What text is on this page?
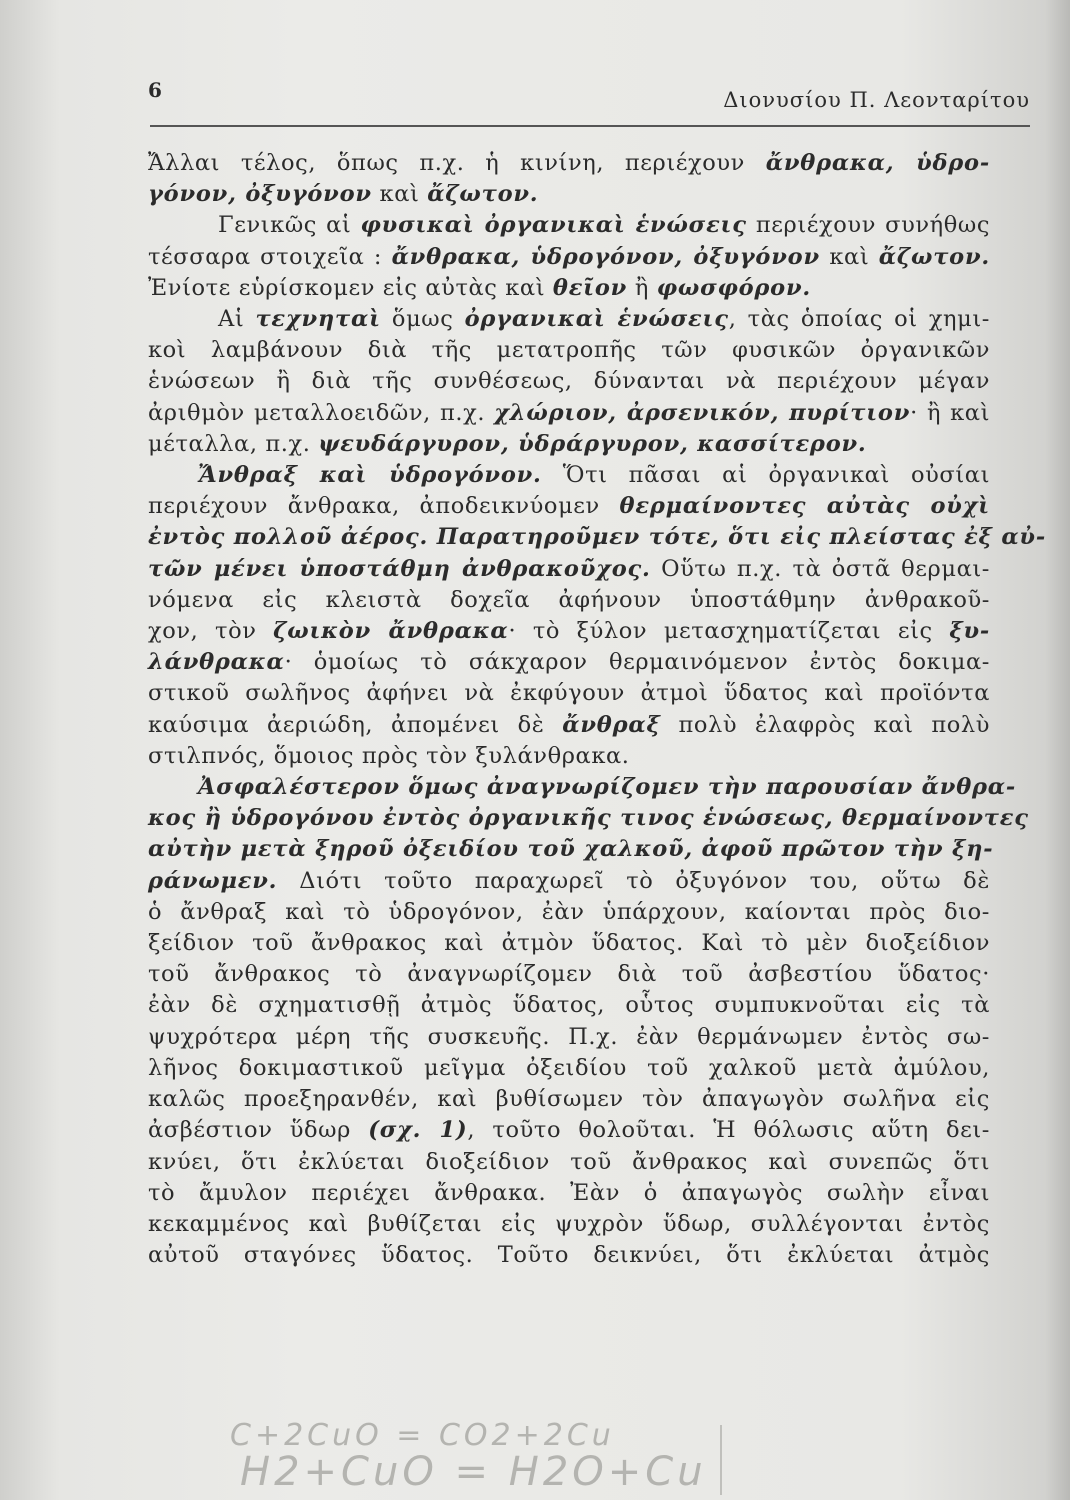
6	Διονυσίου Π. Λεονταρίτου
Ἄλλαι τέλος, ὅπως π.χ. ἡ κινίνη, περιέχουν ἄνθρακα, ὑδρο-
γόνον, ὀξυγόνον καὶ ἄζωτον.
Γενικῶς αἱ φυσικαὶ ὀργανικαὶ ἑνώσεις περιέχουν συνήθως
τέσσαρα στοιχεῖα : ἄνθρακα, ὑδρογόνον, ὀξυγόνον καὶ ἄζωτον.
Ἐνίοτε εὑρίσκομεν εἰς αὐτὰς καὶ θεῖον ἢ φωσφόρον.
Αἱ τεχνηταὶ ὅμως ὀργανικαὶ ἑνώσεις, τὰς ὁποίας οἱ χημι-
κοὶ λαμβάνουν διὰ τῆς μετατροπῆς τῶν φυσικῶν ὀργανικῶν
ἑνώσεων ἢ διὰ τῆς συνθέσεως, δύνανται νὰ περιέχουν μέγαν
ἀριθμὸν μεταλλοειδῶν, π.χ. χλώριον, ἀρσενικόν, πυρίτιον· ἢ καὶ
μέταλλα, π.χ. ψευδάργυρον, ὑδράργυρον, κασσίτερον.
Ἄνθραξ καὶ ὑδρογόνον. Ὅτι πᾶσαι αἱ ὀργανικαὶ οὐσίαι
περιέχουν ἄνθρακα, ἀποδεικνύομεν θερμαίνοντες αὐτὰς οὐχὶ
ἐντὸς πολλοῦ ἀέρος. Παρατηροῦμεν τότε, ὅτι εἰς πλείστας ἐξ αὐ-
τῶν μένει ὑποστάθμη ἀνθρακοῦχος. Οὕτω π.χ. τὰ ὀστᾶ θερμαι-
νόμενα εἰς κλειστὰ δοχεῖα ἀφήνουν ὑποστάθμην ἀνθρακοῦ-
χον, τὸν ζωικὸν ἄνθρακα· τὸ ξύλον μετασχηματίζεται εἰς ξυ-
λάνθρακα· ὁμοίως τὸ σάκχαρον θερμαινόμενον ἐντὸς δοκιμα-
στικοῦ σωλῆνος ἀφήνει νὰ ἐκφύγουν ἀτμοὶ ὕδατος καὶ προϊόντα
καύσιμα ἀεριώδη, ἀπομένει δὲ ἄνθραξ πολὺ ἐλαφρὸς καὶ πολὺ
στιλπνός, ὅμοιος πρὸς τὸν ξυλάνθρακα.
Ἀσφαλέστερον ὅμως ἀναγνωρίζομεν τὴν παρουσίαν ἄνθρα-
κος ἢ ὑδρογόνου ἐντὸς ὀργανικῆς τινος ἑνώσεως, θερμαίνοντες
αὐτὴν μετὰ ξηροῦ ὀξειδίου τοῦ χαλκοῦ, ἀφοῦ πρῶτον τὴν ξη-
ράνωμεν. Διότι τοῦτο παραχωρεῖ τὸ ὀξυγόνον του, οὕτω δὲ
ὁ ἄνθραξ καὶ τὸ ὑδρογόνον, ἐὰν ὑπάρχουν, καίονται πρὸς διο-
ξείδιον τοῦ ἄνθρακος καὶ ἀτμὸν ὕδατος. Καὶ τὸ μὲν διοξείδιον
τοῦ ἄνθρακος τὸ ἀναγνωρίζομεν διὰ τοῦ ἀσβεστίου ὕδατος·
ἐὰν δὲ σχηματισθῇ ἀτμὸς ὕδατος, οὗτος συμπυκνοῦται εἰς τὰ
ψυχρότερα μέρη τῆς συσκευῆς. Π.χ. ἐὰν θερμάνωμεν ἐντὸς σω-
λῆνος δοκιμαστικοῦ μεῖγμα ὀξειδίου τοῦ χαλκοῦ μετὰ ἀμύλου,
καλῶς προεξηρανθέν, καὶ βυθίσωμεν τὸν ἀπαγωγὸν σωλῆνα εἰς
ἀσβέστιον ὕδωρ (σχ. 1), τοῦτο θολοῦται. Ἡ θόλωσις αὕτη δει-
κνύει, ὅτι ἐκλύεται διοξείδιον τοῦ ἄνθρακος καὶ συνεπῶς ὅτι
τὸ ἄμυλον περιέχει ἄνθρακα. Ἐὰν ὁ ἀπαγωγὸς σωλὴν εἶναι
κεκαμμένος καὶ βυθίζεται εἰς ψυχρὸν ὕδωρ, συλλέγονται ἐντὸς
αὐτοῦ σταγόνες ὕδατος. Τοῦτο δεικνύει, ὅτι ἐκλύεται ἀτμὸς
C+2CuO = CO2+2Cu
H2+CuO = H2O+Cu
